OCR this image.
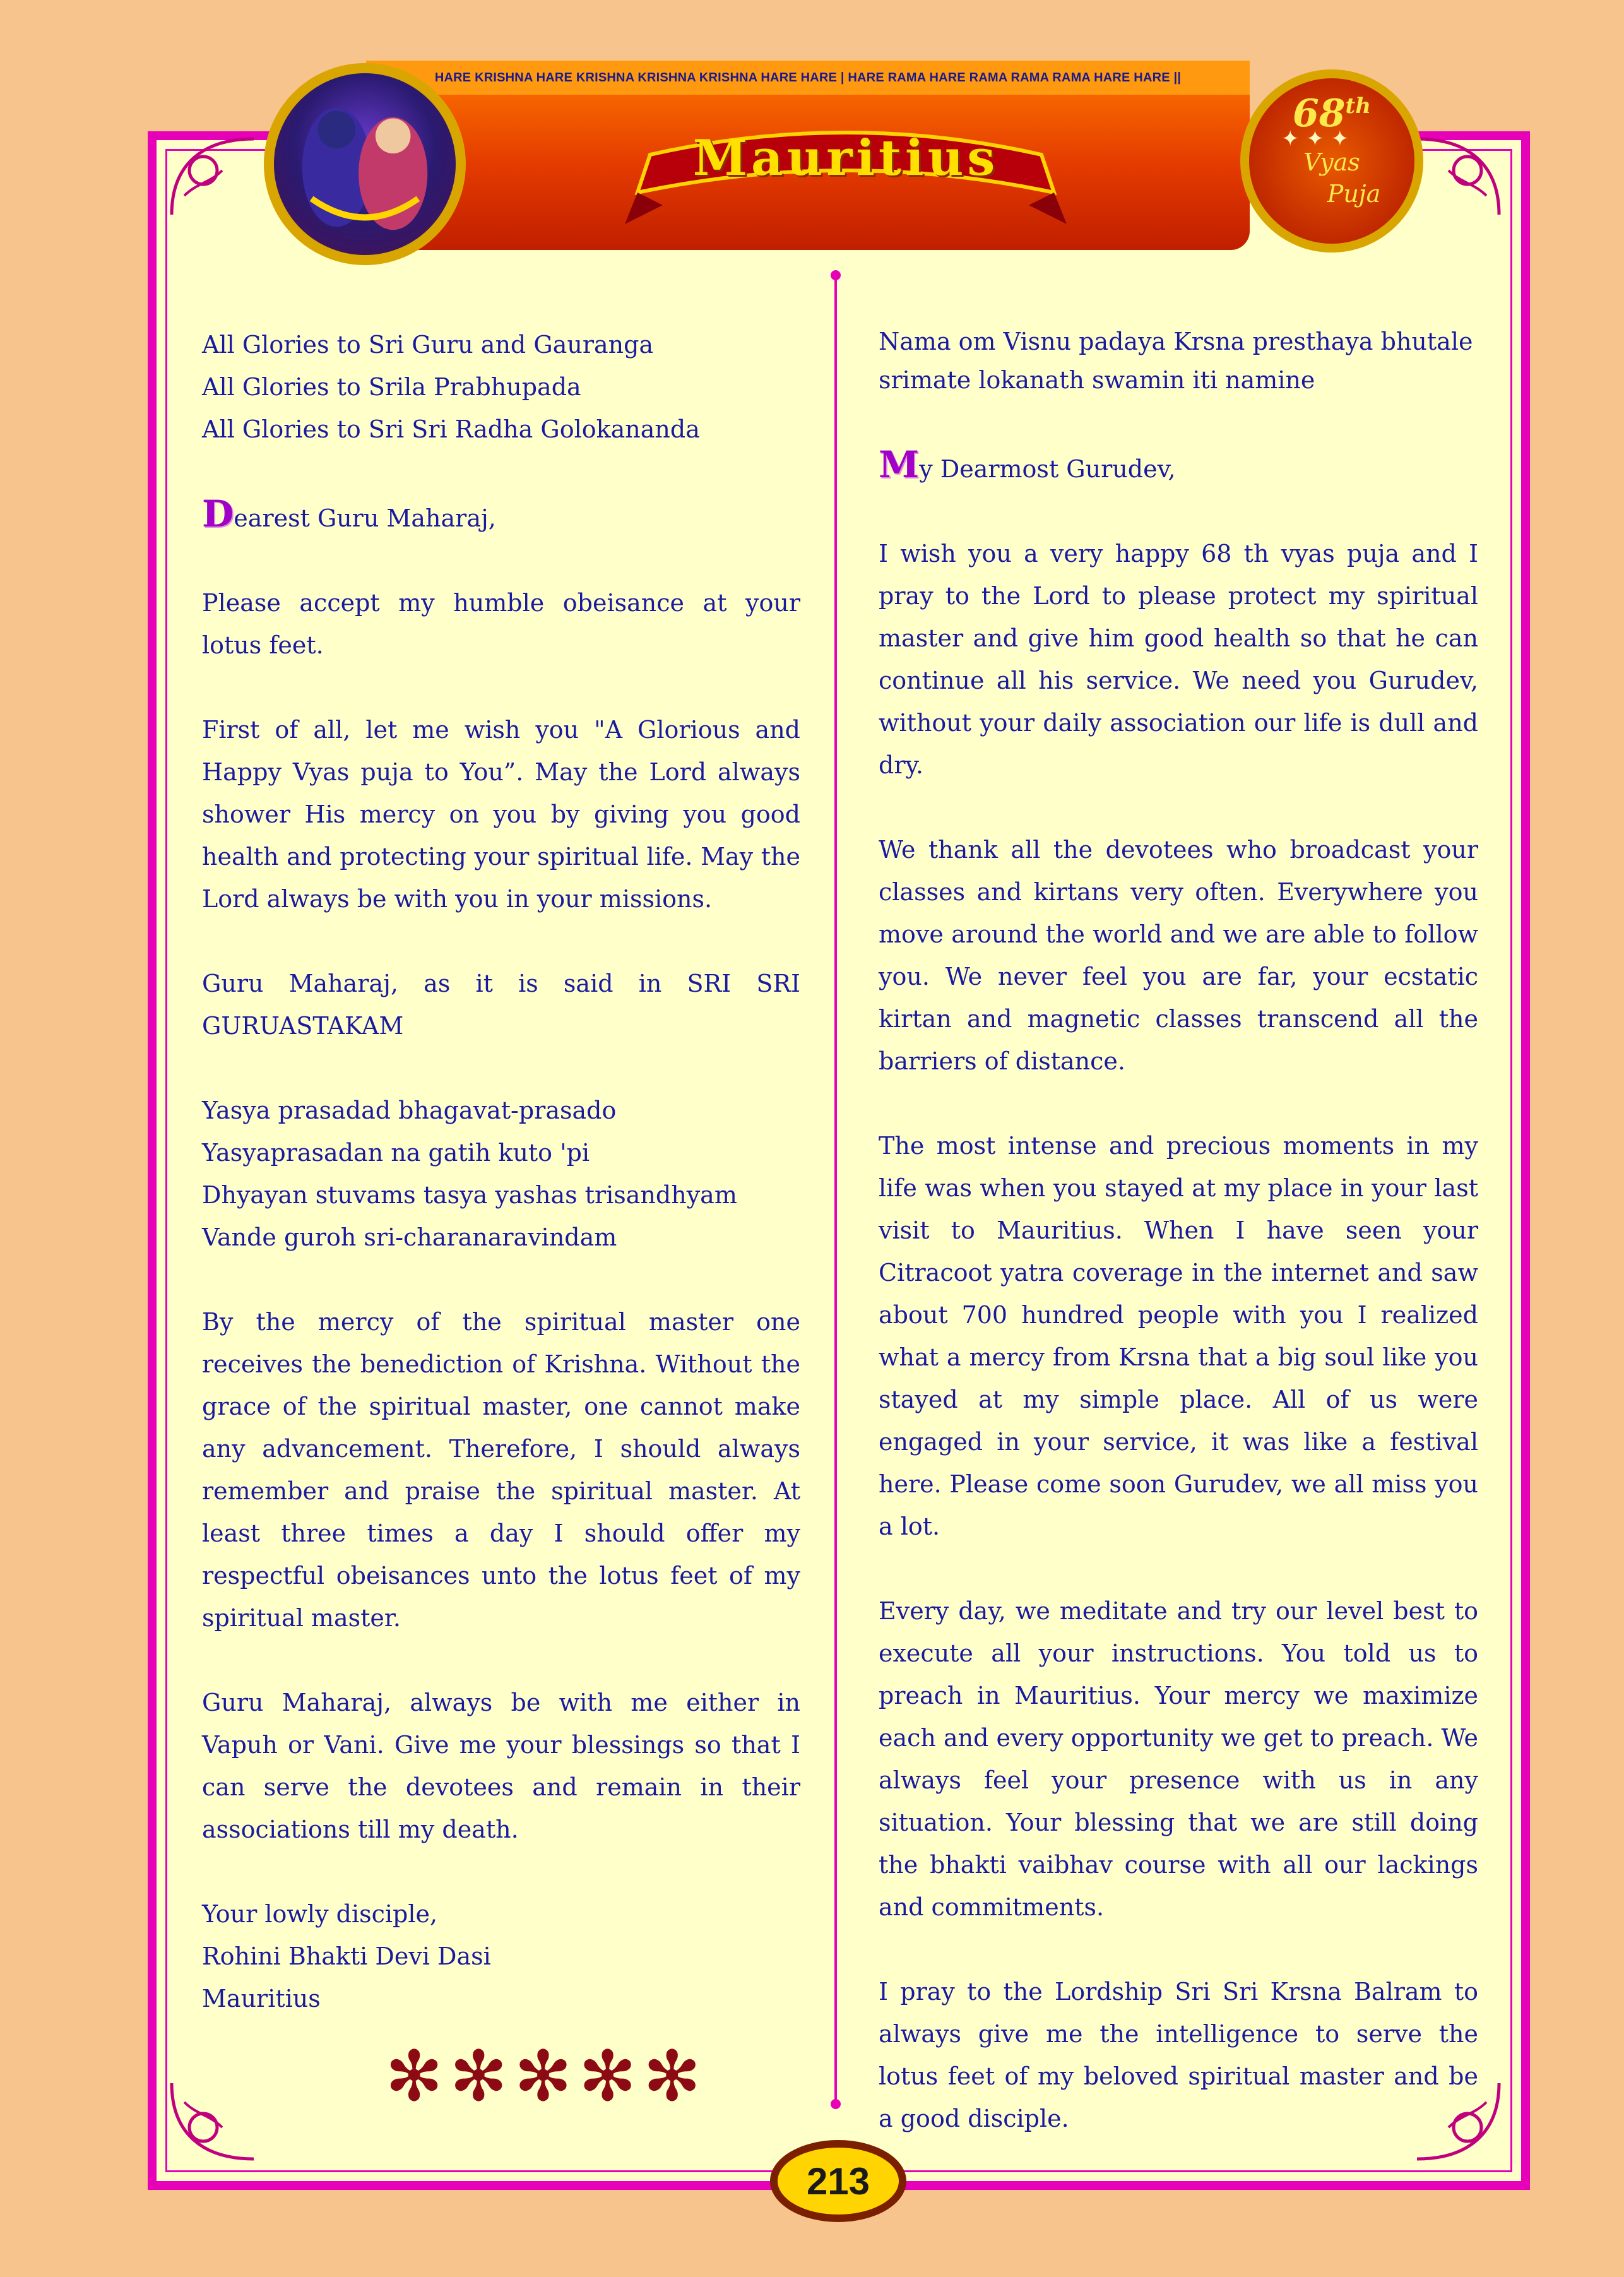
HARE KRISHNA HARE KRISHNA KRISHNA KRISHNA HARE HARE | HARE RAMA HARE RAMA RAMA RAMA HARE HARE ||
Mauritius
68th
Vyas
Puja
✦ ✦ ✦

All Glories to Sri Guru and Gauranga

All Glories to Srila Prabhupada

All Glories to Sri Sri Radha Golokananda

Dearest Guru Maharaj,

Please accept my humble obeisance at your lotus feet.

First of all, let me wish you "A Glorious and Happy Vyas puja to You”. May the Lord always shower His mercy on you by giving you good health and protecting your spiritual life. May the Lord always be with you in your missions.

Guru Maharaj, as it is said in SRI SRI GURUASTAKAM

Yasya prasadad bhagavat-prasado

Yasyaprasadan na gatih kuto 'pi

Dhyayan stuvams tasya yashas trisandhyam

Vande guroh sri-charanaravindam

By the mercy of the spiritual master one receives the benediction of Krishna. Without the grace of the spiritual master, one cannot make any advancement. Therefore, I should always remember and praise the spiritual master. At least three times a day I should offer my respectful obeisances unto the lotus feet of my spiritual master.

Guru Maharaj, always be with me either in Vapuh or Vani. Give me your blessings so that I can serve the devotees and remain in their associations till my death.

Your lowly disciple,

Rohini Bhakti Devi Dasi

Mauritius

✻✻✻✻✻

Nama om Visnu padaya Krsna presthaya bhutale

srimate lokanath swamin iti namine

My Dearmost Gurudev,

I wish you a very happy 68 th vyas puja and I pray to the Lord to please protect my spiritual master and give him good health so that he can continue all his service. We need you Gurudev, without your daily association our life is dull and dry.

We thank all the devotees who broadcast your classes and kirtans very often. Everywhere you move around the world and we are able to follow you. We never feel you are far, your ecstatic kirtan and magnetic classes transcend all the barriers of distance.

The most intense and precious moments in my life was when you stayed at my place in your last visit to Mauritius. When I have seen your Citracoot yatra coverage in the internet and saw about 700 hundred people with you I realized what a mercy from Krsna that a big soul like you stayed at my simple place. All of us were engaged in your service, it was like a festival here. Please come soon Gurudev, we all miss you a lot.

Every day, we meditate and try our level best to execute all your instructions. You told us to preach in Mauritius. Your mercy we maximize each and every opportunity we get to preach. We always feel your presence with us in any situation. Your blessing that we are still doing the bhakti vaibhav course with all our lackings and commitments.

I pray to the Lordship Sri Sri Krsna Balram to always give me the intelligence to serve the lotus feet of my beloved spiritual master and be a good disciple.

213
